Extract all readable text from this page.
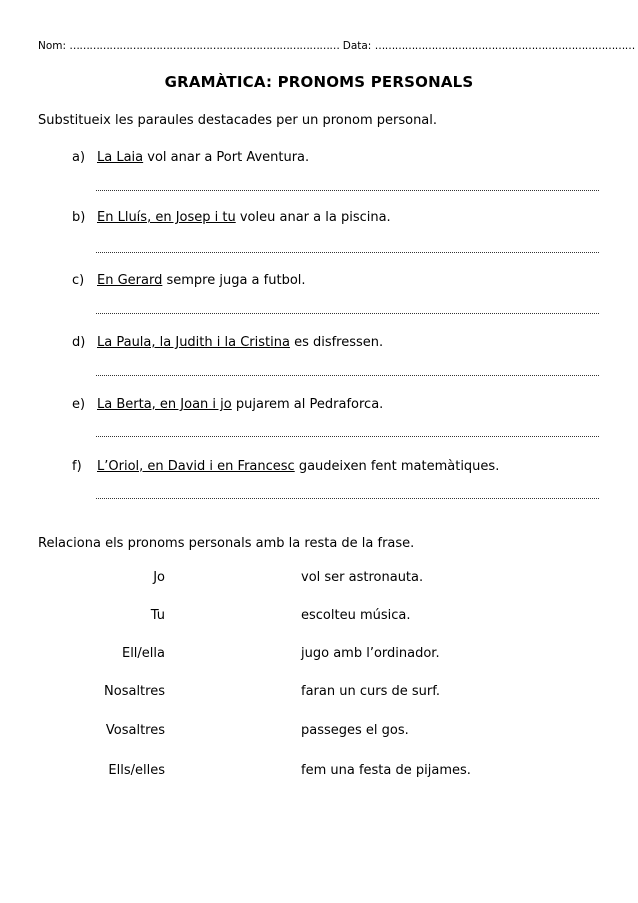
Nom: ……………………………………………………………………… Data: ……………………………………………………………………
GRAMÀTICA: PRONOMS PERSONALS
Substitueix les paraules destacades per un pronom personal.
a) La Laia vol anar a Port Aventura.
b) En Lluís, en Josep i tu voleu anar a la piscina.
c) En Gerard sempre juga a futbol.
d) La Paula, la Judith i la Cristina es disfressen.
e) La Berta, en Joan i jo pujarem al Pedraforca.
f) L’Oriol, en David i en Francesc gaudeixen fent matemàtiques.
Relaciona els pronoms personals amb la resta de la frase.
Jo	vol ser astronauta.
Tu	escolteu música.
Ell/ella	jugo amb l’ordinador.
Nosaltres	faran un curs de surf.
Vosaltres	passeges el gos.
Ells/elles	fem una festa de pijames.
